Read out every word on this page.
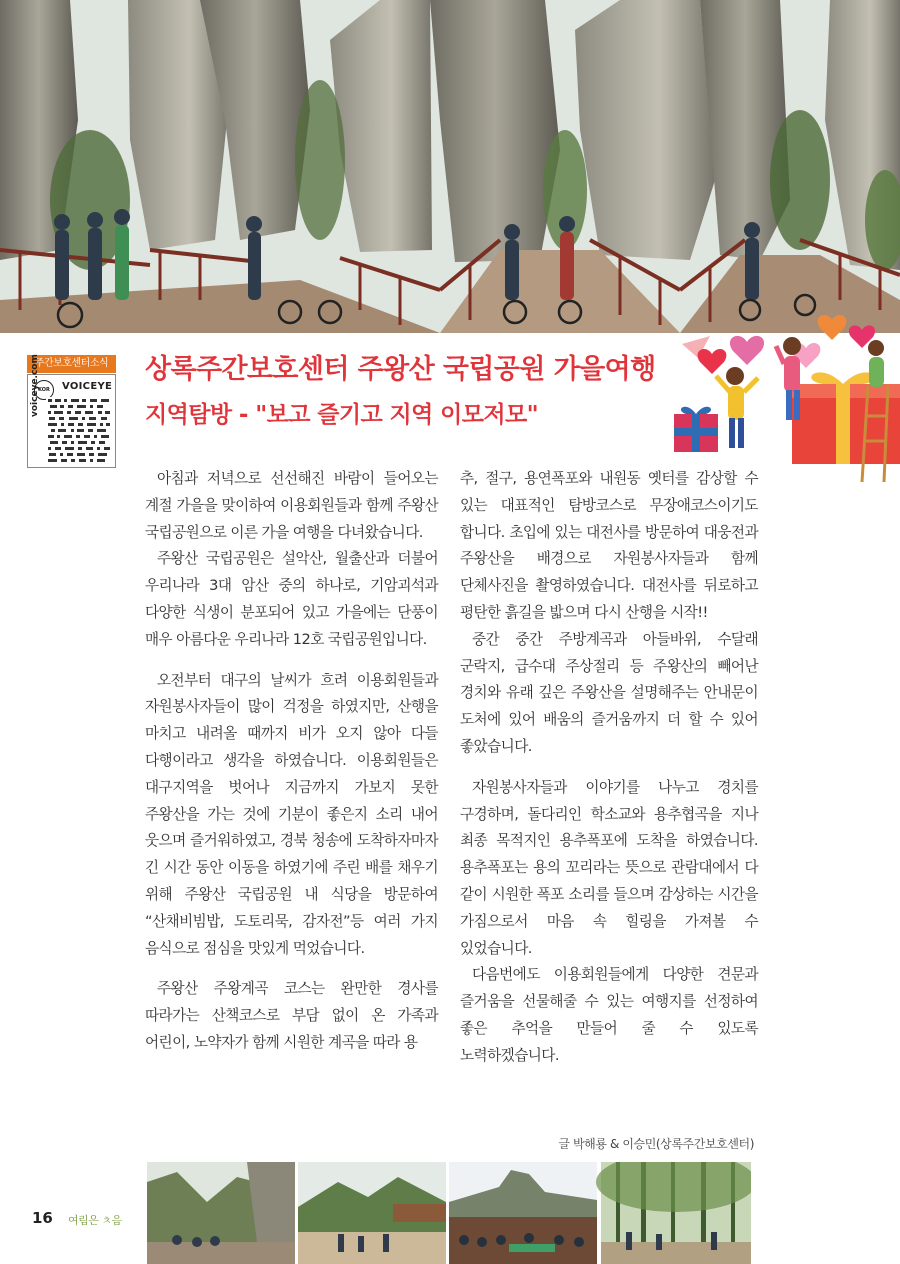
주간보호센터소식
KOR	VOICEYE
voiceye.com	상록주간보호센터 주왕산 국립공원 가을여행
지역탐방 - "보고 즐기고 지역 이모저모"

아침과 저녁으로 선선해진 바람이 들어오는 계절 가을을 맞이하여 이용회원들과 함께 주왕산 국립공원으로 이른 가을 여행을 다녀왔습니다.

주왕산 국립공원은 설악산, 월출산과 더불어 우리나라 3대 암산 중의 하나로, 기암괴석과 다양한 식생이 분포되어 있고 가을에는 단풍이 매우 아름다운 우리나라 12호 국립공원입니다.

오전부터 대구의 날씨가 흐려 이용회원들과 자원봉사자들이 많이 걱정을 하였지만, 산행을 마치고 내려올 때까지 비가 오지 않아 다들 다행이라고 생각을 하였습니다. 이용회원들은 대구지역을 벗어나 지금까지 가보지 못한 주왕산을 가는 것에 기분이 좋은지 소리 내어 웃으며 즐거워하였고, 경북 청송에 도착하자마자 긴 시간 동안 이동을 하였기에 주린 배를 채우기 위해 주왕산 국립공원 내 식당을 방문하여 “산채비빔밥, 도토리묵, 감자전”등 여러 가지 음식으로 점심을 맛있게 먹었습니다.

주왕산 주왕계곡 코스는 완만한 경사를 따라가는 산책코스로 부담 없이 온 가족과 어린이, 노약자가 함께 시원한 계곡을 따라 용

추, 절구, 용연폭포와 내원동 옛터를 감상할 수 있는 대표적인 탐방코스로 무장애코스이기도 합니다. 초입에 있는 대전사를 방문하여 대웅전과 주왕산을 배경으로 자원봉사자들과 함께 단체사진을 촬영하였습니다. 대전사를 뒤로하고 평탄한 흙길을 밟으며 다시 산행을 시작!!

중간 중간 주방계곡과 아들바위, 수달래 군락지, 급수대 주상절리 등 주왕산의 빼어난 경치와 유래 깊은 주왕산을 설명해주는 안내문이 도처에 있어 배움의 즐거움까지 더 할 수 있어 좋았습니다.

자원봉사자들과 이야기를 나누고 경치를 구경하며, 돌다리인 학소교와 용추협곡을 지나 최종 목적지인 용추폭포에 도착을 하였습니다. 용추폭포는 용의 꼬리라는 뜻으로 관람대에서 다 같이 시원한 폭포 소리를 들으며 감상하는 시간을 가짐으로서 마음 속 힐링을 가져볼 수 있었습니다.

다음번에도 이용회원들에게 다양한 견문과 즐거움을 선물해줄 수 있는 여행지를 선정하여 좋은 추억을 만들어 줄 수 있도록 노력하겠습니다.

글 박해룡 & 이승민(상록주간보호센터)
16 여림은 ㅊ음
